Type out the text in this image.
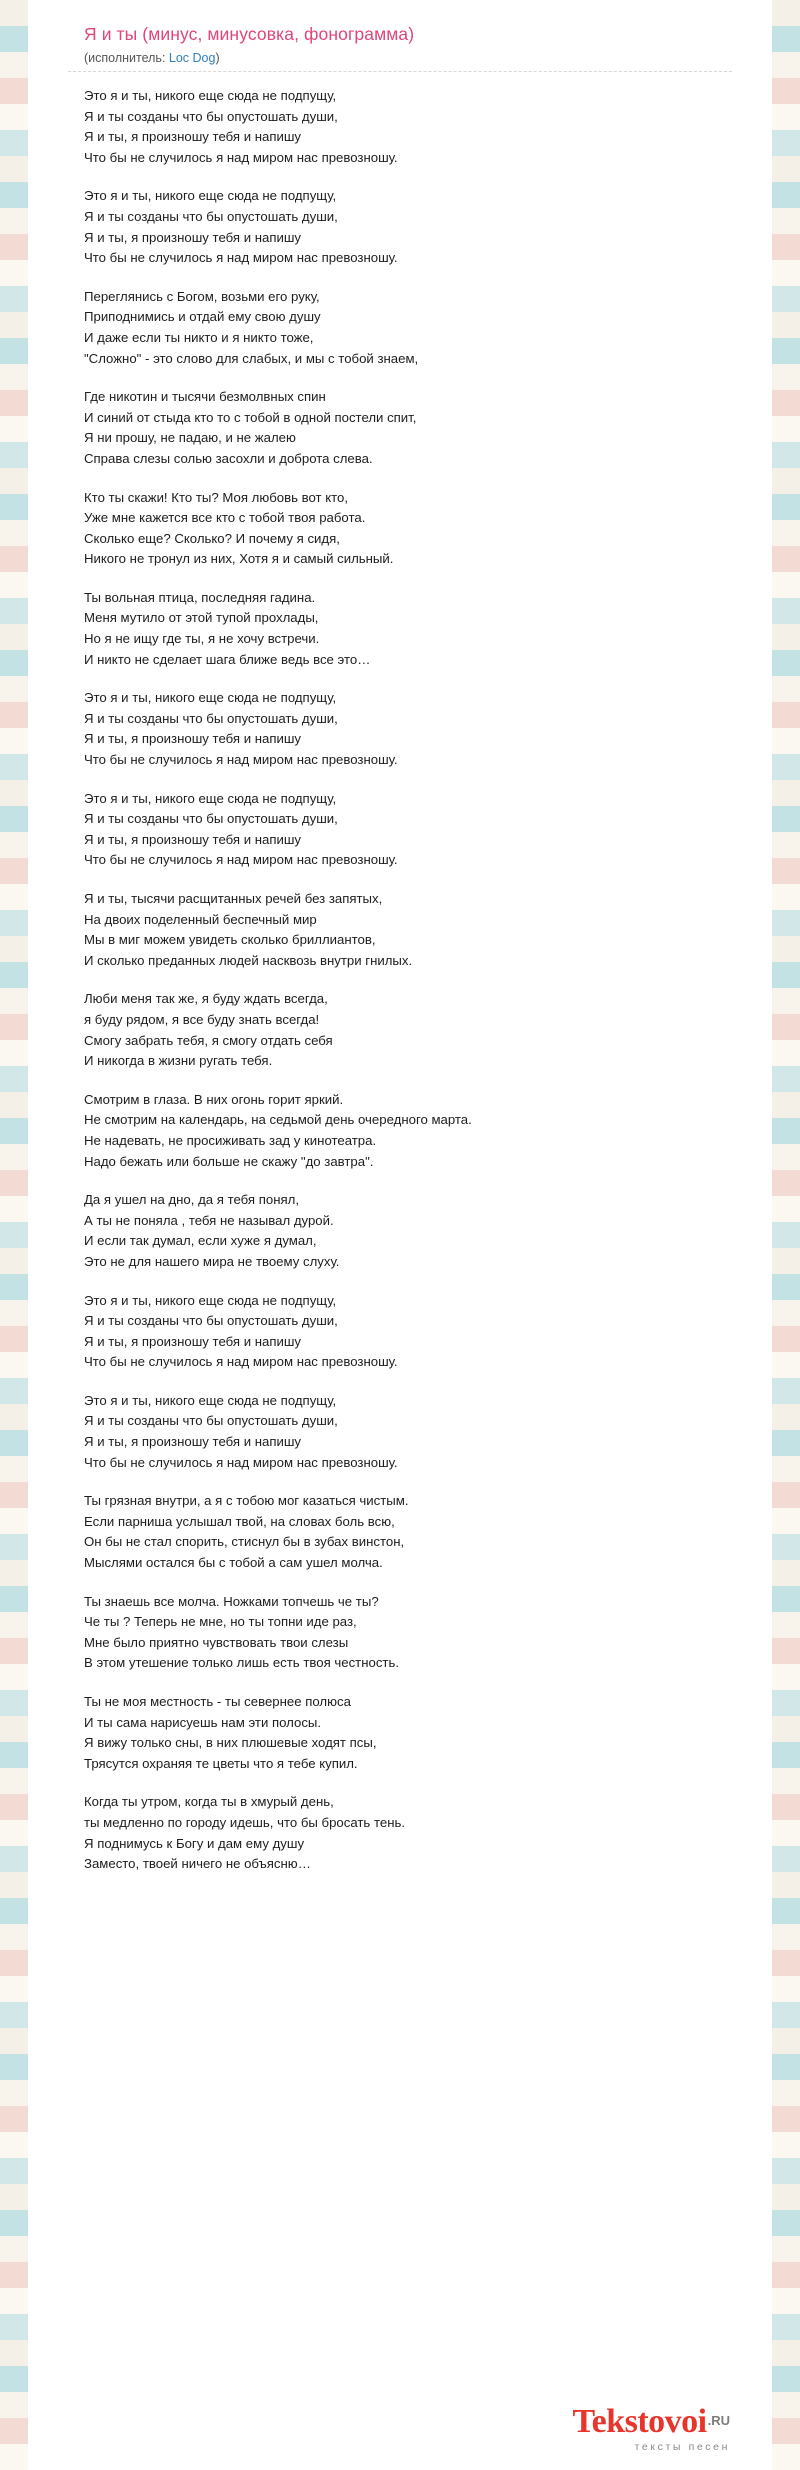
Я и ты (минус, минусовка, фонограмма)
(исполнитель: Loc Dog)
Это я и ты, никого еще сюда не подпущу,
Я и ты созданы что бы опустошать души,
Я и ты, я произношу тебя и напишу
Что бы не случилось я над миром нас превозношу.
Это я и ты, никого еще сюда не подпущу,
Я и ты созданы что бы опустошать души,
Я и ты, я произношу тебя и напишу
Что бы не случилось я над миром нас превозношу.
Переглянись с Богом, возьми его руку,
Приподнимись и отдай ему свою душу
И даже если ты никто и я никто тоже,
"Сложно" - это слово для слабых, и мы с тобой знаем,
Где никотин и тысячи безмолвных спин
И синий от стыда кто то с тобой в одной постели спит,
Я ни прошу, не падаю, и не жалею
Справа слезы солью засохли и доброта слева.
Кто ты скажи! Кто ты? Моя любовь вот кто,
Уже мне кажется все кто с тобой твоя работа.
Сколько еще? Сколько? И почему я сидя,
Никого не тронул из них, Хотя я и самый сильный.
Ты вольная птица, последняя гадина.
Меня мутило от этой тупой прохлады,
Но я не ищу где ты, я не хочу встречи.
И никто не сделает шага ближе ведь все это…
Это я и ты, никого еще сюда не подпущу,
Я и ты созданы что бы опустошать души,
Я и ты, я произношу тебя и напишу
Что бы не случилось я над миром нас превозношу.
Это я и ты, никого еще сюда не подпущу,
Я и ты созданы что бы опустошать души,
Я и ты, я произношу тебя и напишу
Что бы не случилось я над миром нас превозношу.
Я и ты, тысячи расщитанных речей без запятых,
На двоих поделенный беспечный мир
Мы в миг можем увидеть сколько бриллиантов,
И сколько преданных людей насквозь внутри гнилых.
Люби меня так же, я буду ждать всегда,
я буду рядом, я все буду знать всегда!
Смогу забрать тебя, я смогу отдать себя
И никогда в жизни ругать тебя.
Смотрим в глаза. В них огонь горит яркий.
Не смотрим на календарь, на седьмой день очередного марта.
Не надевать, не просиживать зад у кинотеатра.
Надо бежать или больше не скажу "до завтра".
Да я ушел на дно, да я тебя понял,
А ты не поняла , тебя не называл дурой.
И если так думал, если хуже я думал,
Это не для нашего мира не твоему слуху.
Это я и ты, никого еще сюда не подпущу,
Я и ты созданы что бы опустошать души,
Я и ты, я произношу тебя и напишу
Что бы не случилось я над миром нас превозношу.
Это я и ты, никого еще сюда не подпущу,
Я и ты созданы что бы опустошать души,
Я и ты, я произношу тебя и напишу
Что бы не случилось я над миром нас превозношу.
Ты грязная внутри, а я с тобою мог казаться чистым.
Если парниша услышал твой, на словах боль всю,
Он бы не стал спорить, стиснул бы в зубах винстон,
Мыслями остался бы с тобой а сам ушел молча.
Ты знаешь все молча. Ножками топчешь че ты?
Че ты ? Теперь не мне, но ты топни иде раз,
Мне было приятно чувствовать твои слезы
В этом утешение только лишь есть твоя честность.
Ты не моя местность - ты севернее полюса
И ты сама нарисуешь нам эти полосы.
Я вижу только сны, в них плюшевые ходят псы,
Трясутся охраняя те цветы что я тебе купил.
Когда ты утром, когда ты в хмурый день,
ты медленно по городу идешь, что бы бросать тень.
Я поднимусь к Богу и дам ему душу
Заместо, твоей ничего не объясню…
Tekstovoi$^{.RU}$
тексты песен
